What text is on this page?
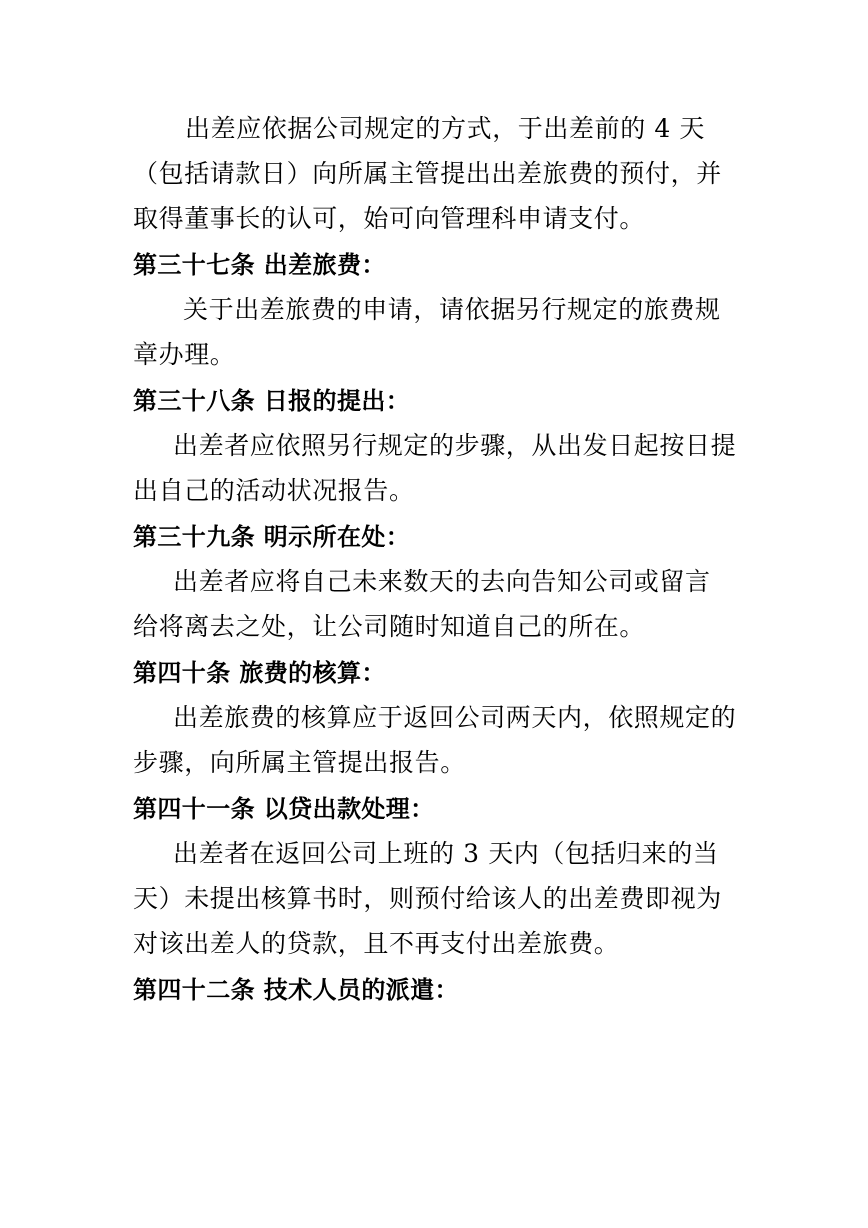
出差应依据公司规定的方式，于出差前的 4 天
（包括请款日）向所属主管提出出差旅费的预付，并
取得董事长的认可，始可向管理科申请支付。
第三十七条 出差旅费：
关于出差旅费的申请，请依据另行规定的旅费规
章办理。
第三十八条 日报的提出：
出差者应依照另行规定的步骤，从出发日起按日提
出自己的活动状况报告。
第三十九条 明示所在处：
出差者应将自己未来数天的去向告知公司或留言
给将离去之处，让公司随时知道自己的所在。
第四十条 旅费的核算：
出差旅费的核算应于返回公司两天内，依照规定的
步骤，向所属主管提出报告。
第四十一条 以贷出款处理：
出差者在返回公司上班的 3 天内（包括归来的当
天）未提出核算书时，则预付给该人的出差费即视为
对该出差人的贷款，且不再支付出差旅费。
第四十二条 技术人员的派遣：
